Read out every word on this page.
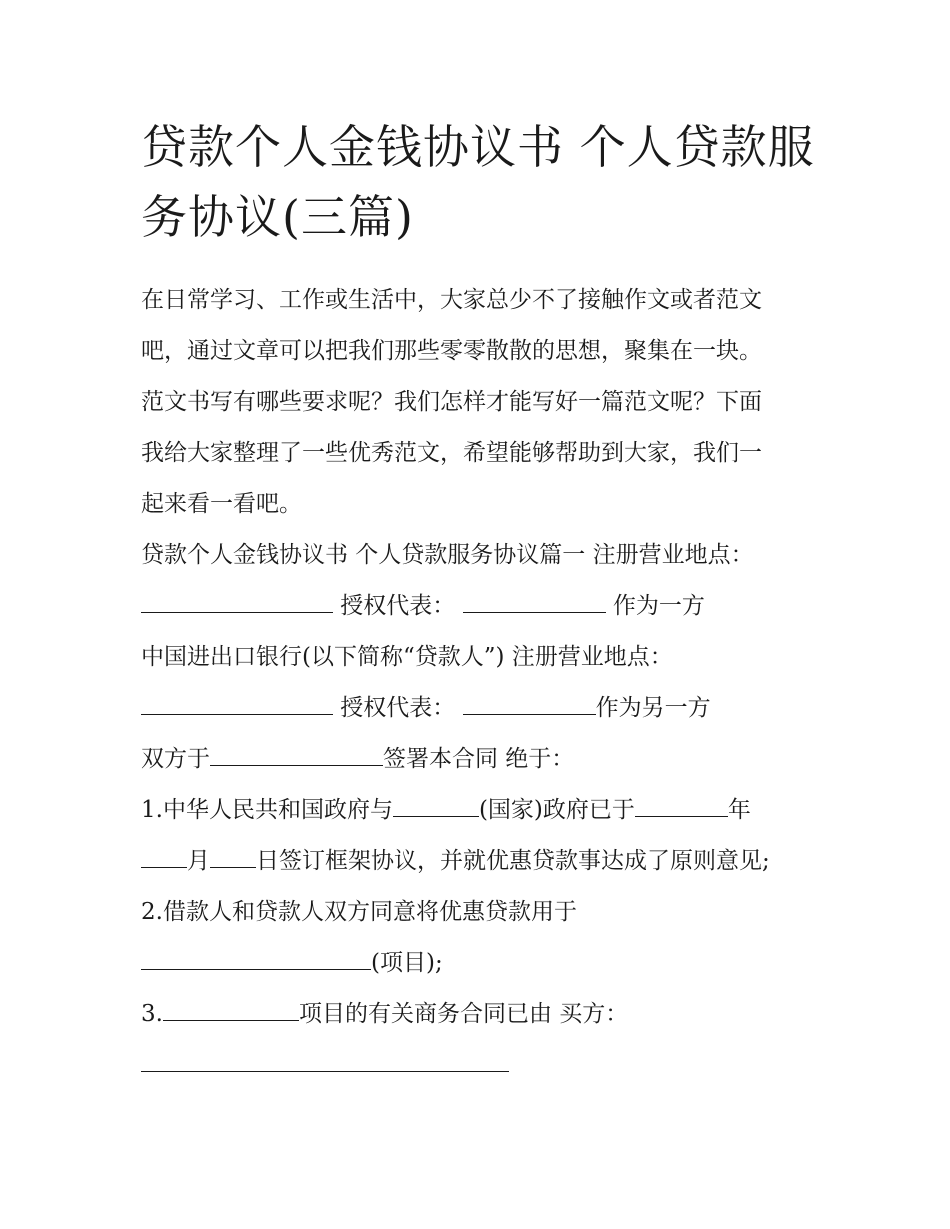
贷款个人金钱协议书 个人贷款服务协议(三篇)
在日常学习、工作或生活中，大家总少不了接触作文或者范文
吧，通过文章可以把我们那些零零散散的思想，聚集在一块。
范文书写有哪些要求呢？我们怎样才能写好一篇范文呢？下面
我给大家整理了一些优秀范文，希望能够帮助到大家，我们一
起来看一看吧。
贷款个人金钱协议书 个人贷款服务协议篇一 注册营业地点：
授权代表：	作为一方
中国进出口银行(以下简称“贷款人”) 注册营业地点：
授权代表：	作为另一方
双方于	签署本合同 绝于：
1.中华人民共和国政府与	(国家)政府已于	年
月 日签订框架协议，并就优惠贷款事达成了原则意见;
2.借款人和贷款人双方同意将优惠贷款用于
(项目);
3.	项目的有关商务合同已由 买方：
